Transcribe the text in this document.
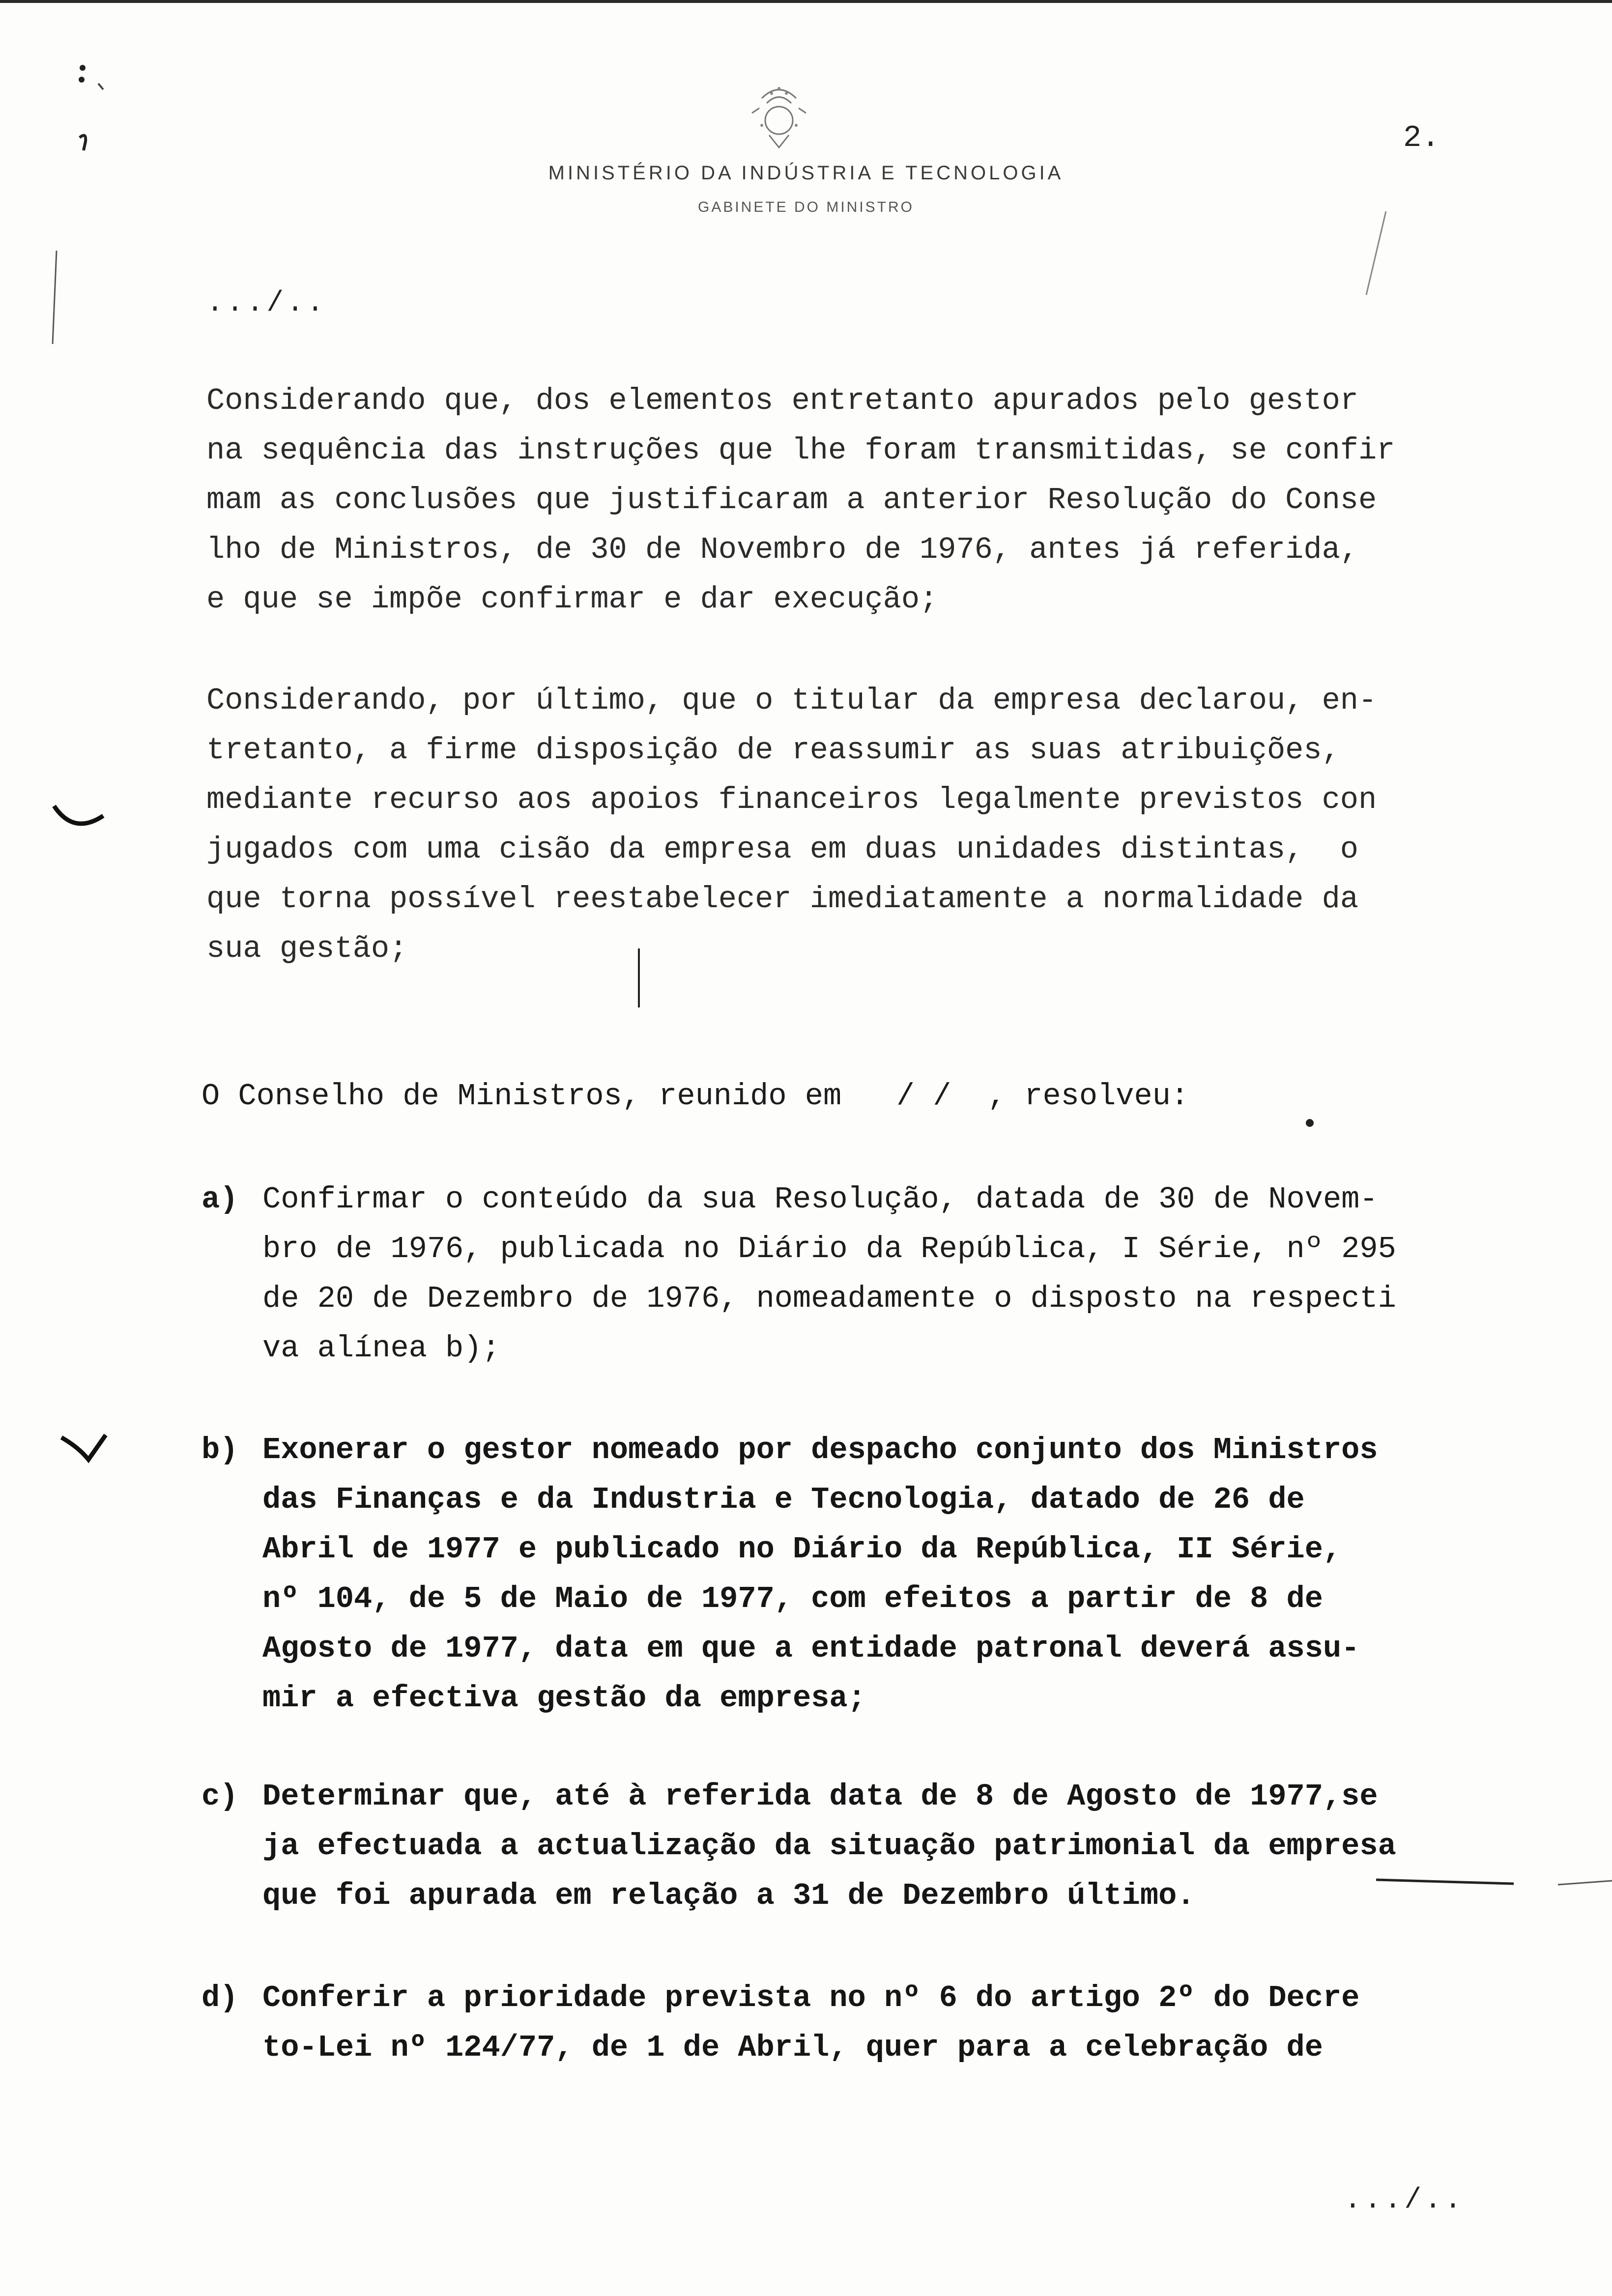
MINISTÉRIO DA INDÚSTRIA E TECNOLOGIA
GABINETE DO MINISTRO
2.
.../..
Considerando que, dos elementos entretanto apurados pelo gestor
na sequência das instruções que lhe foram transmitidas, se confir
mam as conclusões que justificaram a anterior Resolução do Conse
lho de Ministros, de 30 de Novembro de 1976, antes já referida,
e que se impõe confirmar e dar execução;
Considerando, por último, que o titular da empresa declarou, en-
tretanto, a firme disposição de reassumir as suas atribuições,
mediante recurso aos apoios financeiros legalmente previstos con
jugados com uma cisão da empresa em duas unidades distintas,  o
que torna possível reestabelecer imediatamente a normalidade da
sua gestão;
O Conselho de Ministros, reunido em   / /  , resolveu:
a) Confirmar o conteúdo da sua Resolução, datada de 30 de Novem-
bro de 1976, publicada no Diário da República, I Série, nº 295
de 20 de Dezembro de 1976, nomeadamente o disposto na respecti
va alínea b);
b) Exonerar o gestor nomeado por despacho conjunto dos Ministros
das Finanças e da Industria e Tecnologia, datado de 26 de
Abril de 1977 e publicado no Diário da República, II Série,
nº 104, de 5 de Maio de 1977, com efeitos a partir de 8 de
Agosto de 1977, data em que a entidade patronal deverá assu-
mir a efectiva gestão da empresa;
c) Determinar que, até à referida data de 8 de Agosto de 1977,se
ja efectuada a actualização da situação patrimonial da empresa
que foi apurada em relação a 31 de Dezembro último.
d) Conferir a prioridade prevista no nº 6 do artigo 2º do Decre
to-Lei nº 124/77, de 1 de Abril, quer para a celebração de
.../..
